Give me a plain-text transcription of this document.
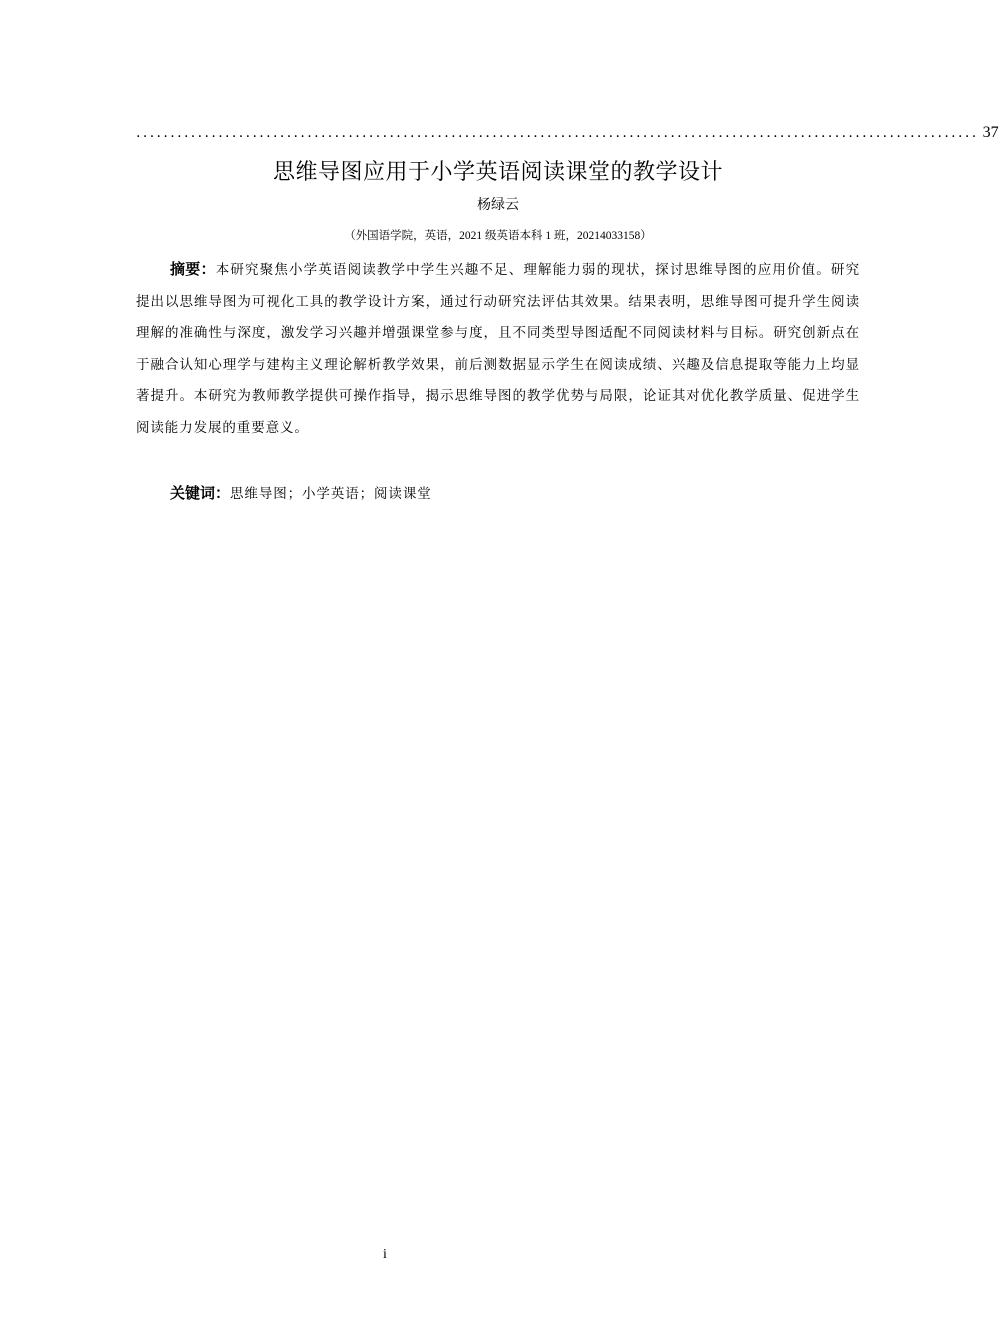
........................................................................................................................... 37
思维导图应用于小学英语阅读课堂的教学设计
杨绿云
（外国语学院，英语，2021 级英语本科 1 班，20214033158）
摘要：本研究聚焦小学英语阅读教学中学生兴趣不足、理解能力弱的现状，探讨思维导图的应用价值。研究提出以思维导图为可视化工具的教学设计方案，通过行动研究法评估其效果。结果表明，思维导图可提升学生阅读理解的准确性与深度，激发学习兴趣并增强课堂参与度，且不同类型导图适配不同阅读材料与目标。研究创新点在于融合认知心理学与建构主义理论解析教学效果，前后测数据显示学生在阅读成绩、兴趣及信息提取等能力上均显著提升。本研究为教师教学提供可操作指导，揭示思维导图的教学优势与局限，论证其对优化教学质量、促进学生阅读能力发展的重要意义。
关键词：思维导图；小学英语；阅读课堂
i
